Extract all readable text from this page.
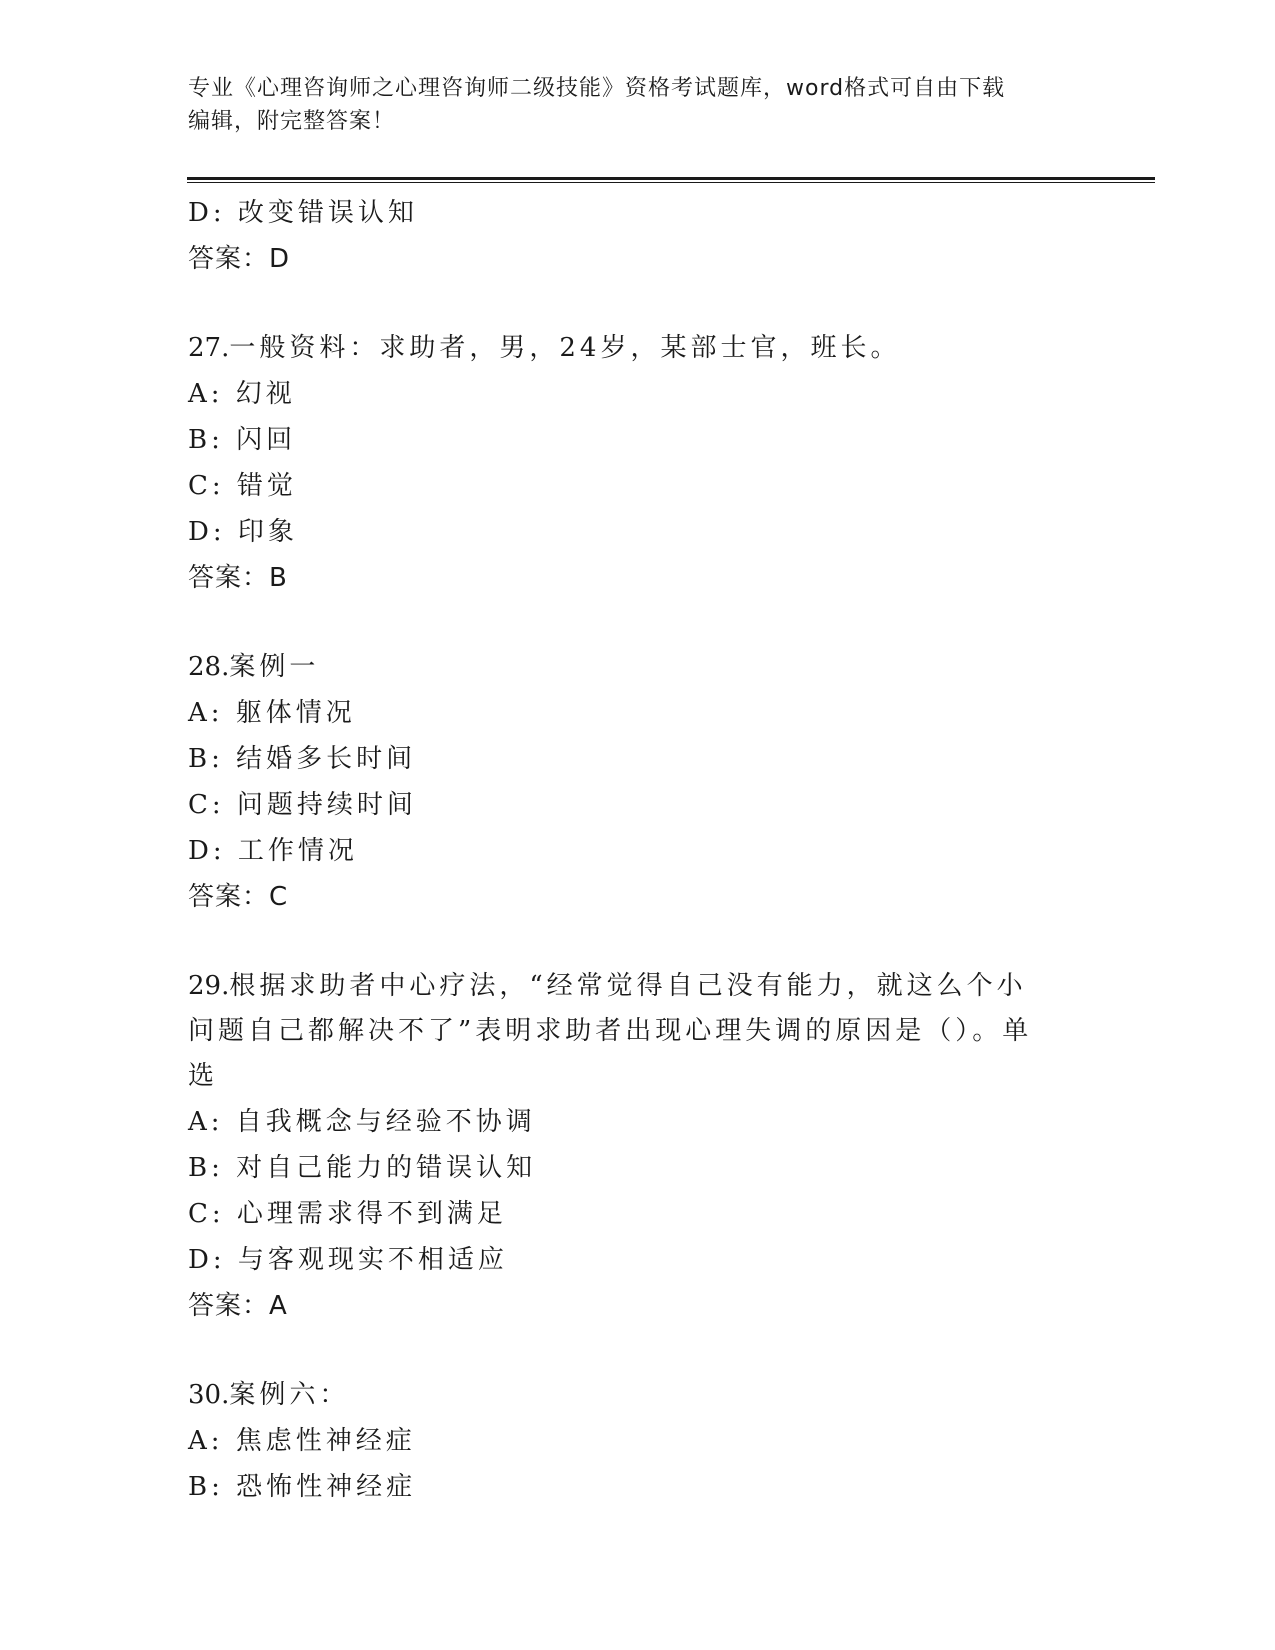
专业《心理咨询师之心理咨询师二级技能》资格考试题库，word格式可自由下载
编辑，附完整答案！
D: 改变错误认知
答案：D
27.一般资料：求助者，男，24岁，某部士官，班长。
A: 幻视
B: 闪回
C: 错觉
D: 印象
答案：B
28.案例一
A: 躯体情况
B: 结婚多长时间
C: 问题持续时间
D: 工作情况
答案：C
29.根据求助者中心疗法，“经常觉得自己没有能力，就这么个小问题自己都解决不了”表明求助者出现心理失调的原因是（）。单选
A: 自我概念与经验不协调
B: 对自己能力的错误认知
C: 心理需求得不到满足
D: 与客观现实不相适应
答案：A
30.案例六：
A: 焦虑性神经症
B: 恐怖性神经症
